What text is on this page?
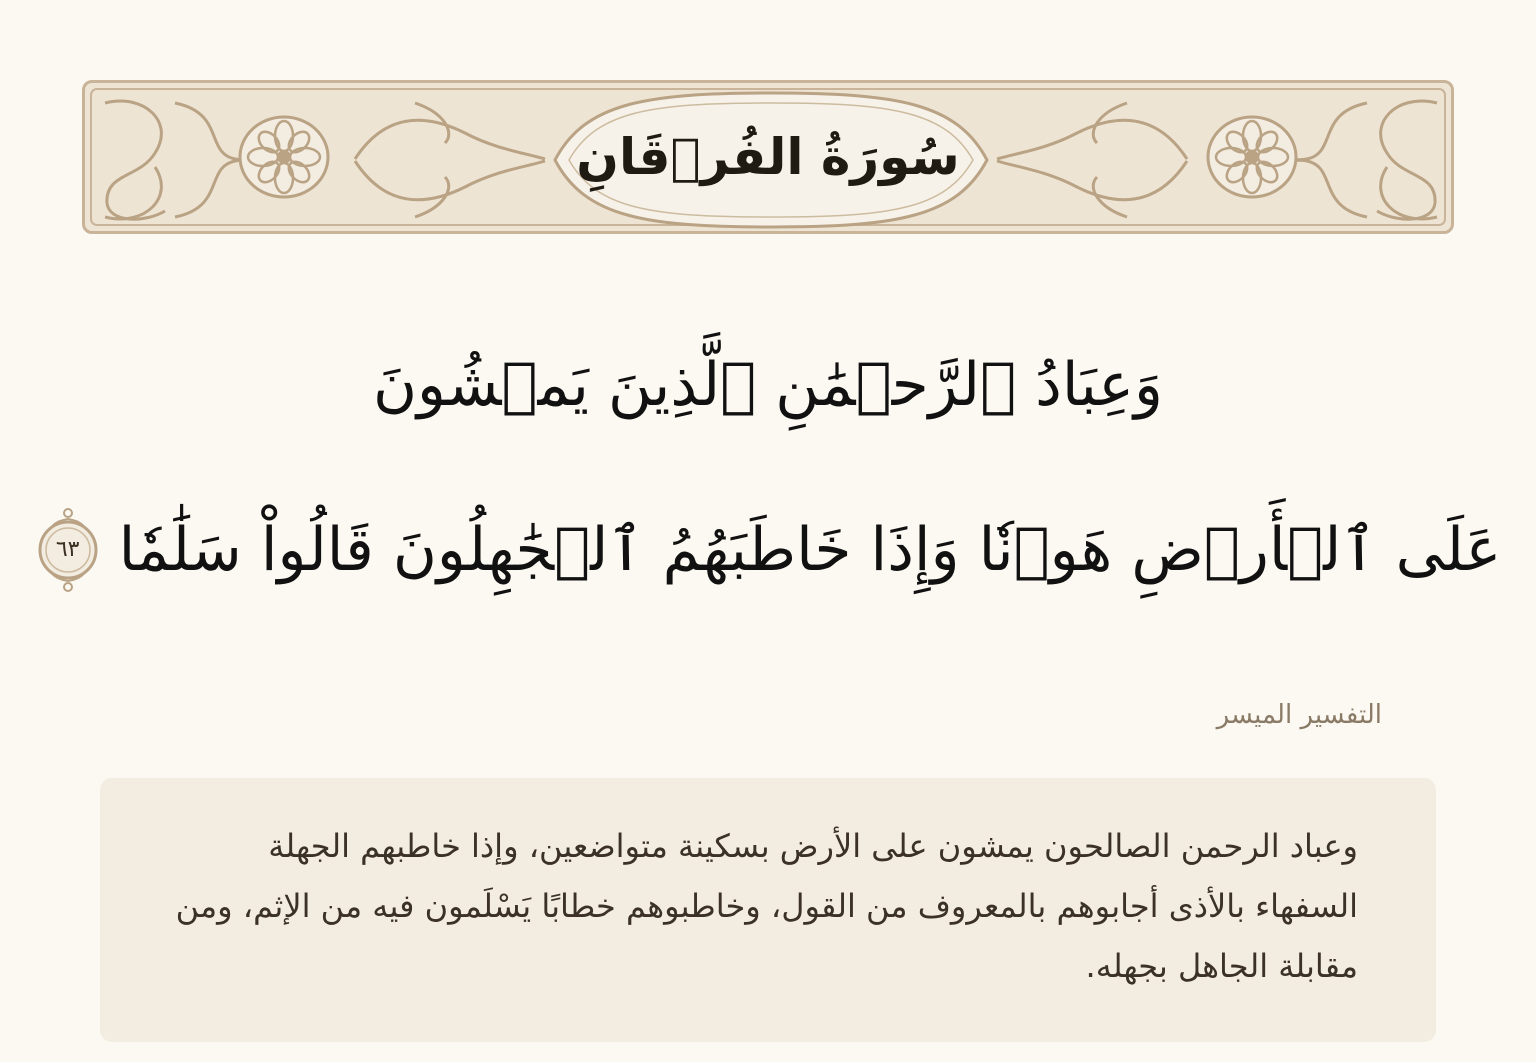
سُورَةُ الفُرۡقَانِ
وَعِبَادُ ٱلرَّحۡمَٰنِ ٱلَّذِينَ يَمۡشُونَ
عَلَى ٱلۡأَرۡضِ هَوۡنٗا وَإِذَا خَاطَبَهُمُ ٱلۡجَٰهِلُونَ قَالُواْ سَلَٰمٗا
٦٣
التفسير الميسر
وعباد الرحمن الصالحون يمشون على الأرض بسكينة متواضعين، وإذا خاطبهم الجهلة السفهاء بالأذى أجابوهم بالمعروف من القول، وخاطبوهم خطابًا يَسْلَمون فيه من الإثم، ومن مقابلة الجاهل بجهله.
